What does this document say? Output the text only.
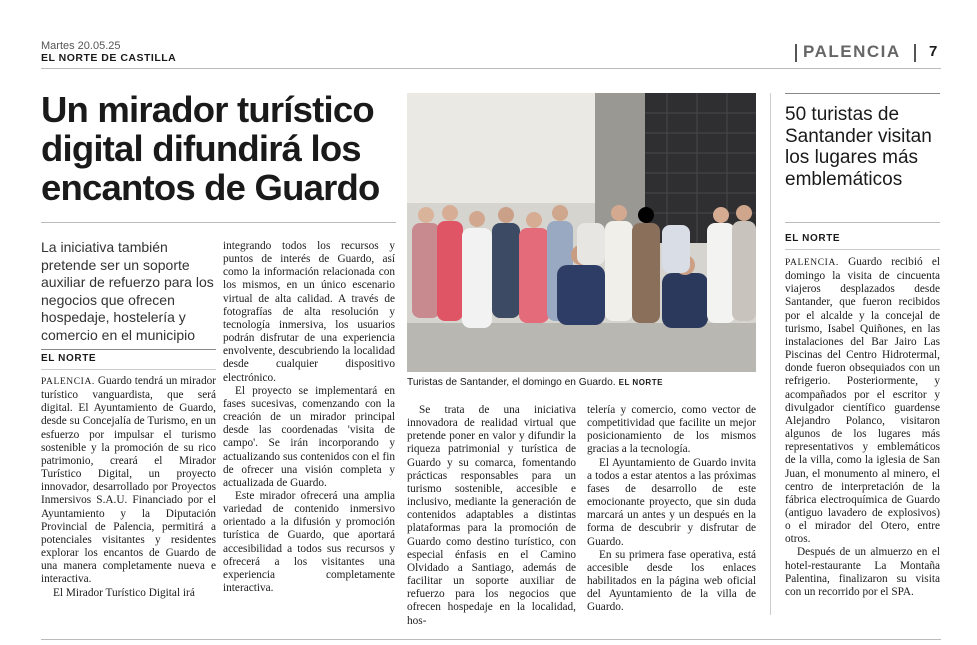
Martes 20.05.25
EL NORTE DE CASTILLA	PALENCIA 7
Un mirador turístico digital difundirá los encantos de Guardo
La iniciativa también pretende ser un soporte auxiliar de refuerzo para los negocios que ofrecen hospedaje, hostelería y comercio en el municipio
EL NORTE

PALENCIA. Guardo tendrá un mirador turístico vanguardista, que será digital. El Ayuntamiento de Guardo, desde su Concejalía de Turismo, en un esfuerzo por impulsar el turismo sostenible y la promoción de su rico patrimonio, creará el Mirador Turístico Digital, un proyecto innovador, desarrollado por Proyectos Inmersivos S.A.U. Financiado por el Ayuntamiento y la Diputación Provincial de Palencia, permitirá a potenciales visitantes y residentes explorar los encantos de Guardo de una manera completamente nueva e interactiva.

El Mirador Turístico Digital irá

integrando todos los recursos y puntos de interés de Guardo, así como la información relacionada con los mismos, en un único escenario virtual de alta calidad. A través de fotografías de alta resolución y tecnología inmersiva, los usuarios podrán disfrutar de una experiencia envolvente, descubriendo la localidad desde cualquier dispositivo electrónico.

El proyecto se implementará en fases sucesivas, comenzando con la creación de un mirador principal desde las coordenadas 'visita de campo'. Se irán incorporando y actualizando sus contenidos con el fin de ofrecer una visión completa y actualizada de Guardo.

Este mirador ofrecerá una amplia variedad de contenido inmersivo orientado a la difusión y promoción turística de Guardo, que aportará accesibilidad a todos sus recursos y ofrecerá a los visitantes una experiencia completamente interactiva.

Turistas de Santander, el domingo en Guardo. EL NORTE

Se trata de una iniciativa innovadora de realidad virtual que pretende poner en valor y difundir la riqueza patrimonial y turística de Guardo y su comarca, fomentando prácticas responsables para un turismo sostenible, accesible e inclusivo, mediante la generación de contenidos adaptables a distintas plataformas para la promoción de Guardo como destino turístico, con especial énfasis en el Camino Olvidado a Santiago, además de facilitar un soporte auxiliar de refuerzo para los negocios que ofrecen hospedaje en la localidad, hos-

telería y comercio, como vector de competitividad que facilite un mejor posicionamiento de los mismos gracias a la tecnología.

El Ayuntamiento de Guardo invita a todos a estar atentos a las próximas fases de desarrollo de este emocionante proyecto, que sin duda marcará un antes y un después en la forma de descubrir y disfrutar de Guardo.

En su primera fase operativa, está accesible desde los enlaces habilitados en la página web oficial del Ayuntamiento de la villa de Guardo.

50 turistas de Santander visitan los lugares más emblemáticos
EL NORTE

PALENCIA. Guardo recibió el domingo la visita de cincuenta viajeros desplazados desde Santander, que fueron recibidos por el alcalde y la concejal de turismo, Isabel Quiñones, en las instalaciones del Bar Jairo Las Piscinas del Centro Hidrotermal, donde fueron obsequiados con un refrigerio. Posteriormente, y acompañados por el escritor y divulgador científico guardense Alejandro Polanco, visitaron algunos de los lugares más representativos y emblemáticos de la villa, como la iglesia de San Juan, el monumento al minero, el centro de interpretación de la fábrica electroquímica de Guardo (antiguo lavadero de explosivos) o el mirador del Otero, entre otros.

Después de un almuerzo en el hotel-restaurante La Montaña Palentina, finalizaron su visita con un recorrido por el SPA.
